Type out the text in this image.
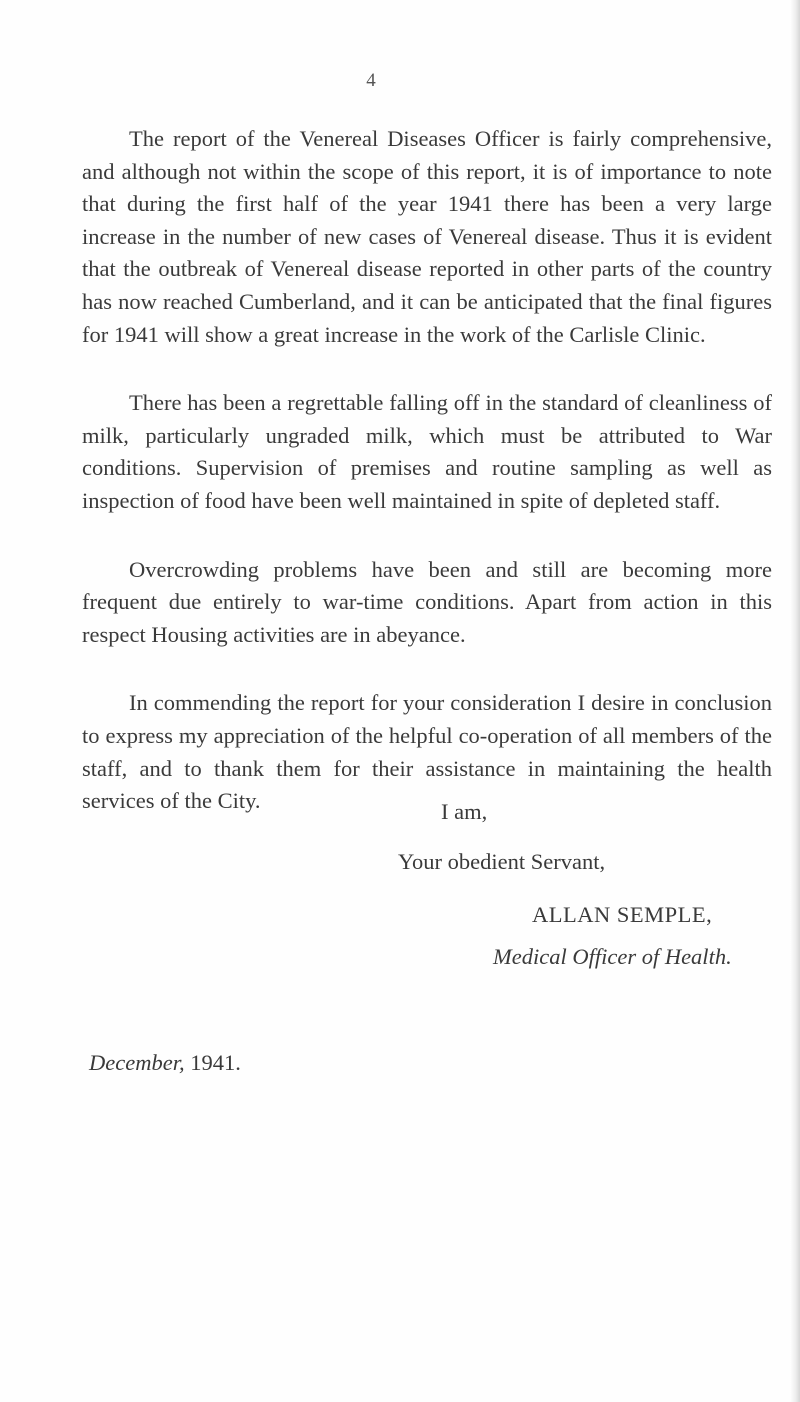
4

The report of the Venereal Diseases Officer is fairly comprehensive, and although not within the scope of this report, it is of importance to note that during the first half of the year 1941 there has been a very large increase in the number of new cases of Venereal disease. Thus it is evident that the outbreak of Venereal disease reported in other parts of the country has now reached Cumberland, and it can be anticipated that the final figures for 1941 will show a great increase in the work of the Carlisle Clinic.

There has been a regrettable falling off in the standard of cleanliness of milk, particularly ungraded milk, which must be attributed to War conditions. Supervision of premises and routine sampling as well as inspection of food have been well maintained in spite of depleted staff.

Overcrowding problems have been and still are becoming more frequent due entirely to war-time conditions. Apart from action in this respect Housing activities are in abeyance.

In commending the report for your consideration I desire in conclusion to express my appreciation of the helpful co-operation of all members of the staff, and to thank them for their assistance in maintaining the health services of the City.	I am,
Your obedient Servant,
ALLAN SEMPLE,
Medical Officer of Health.
December, 1941.
